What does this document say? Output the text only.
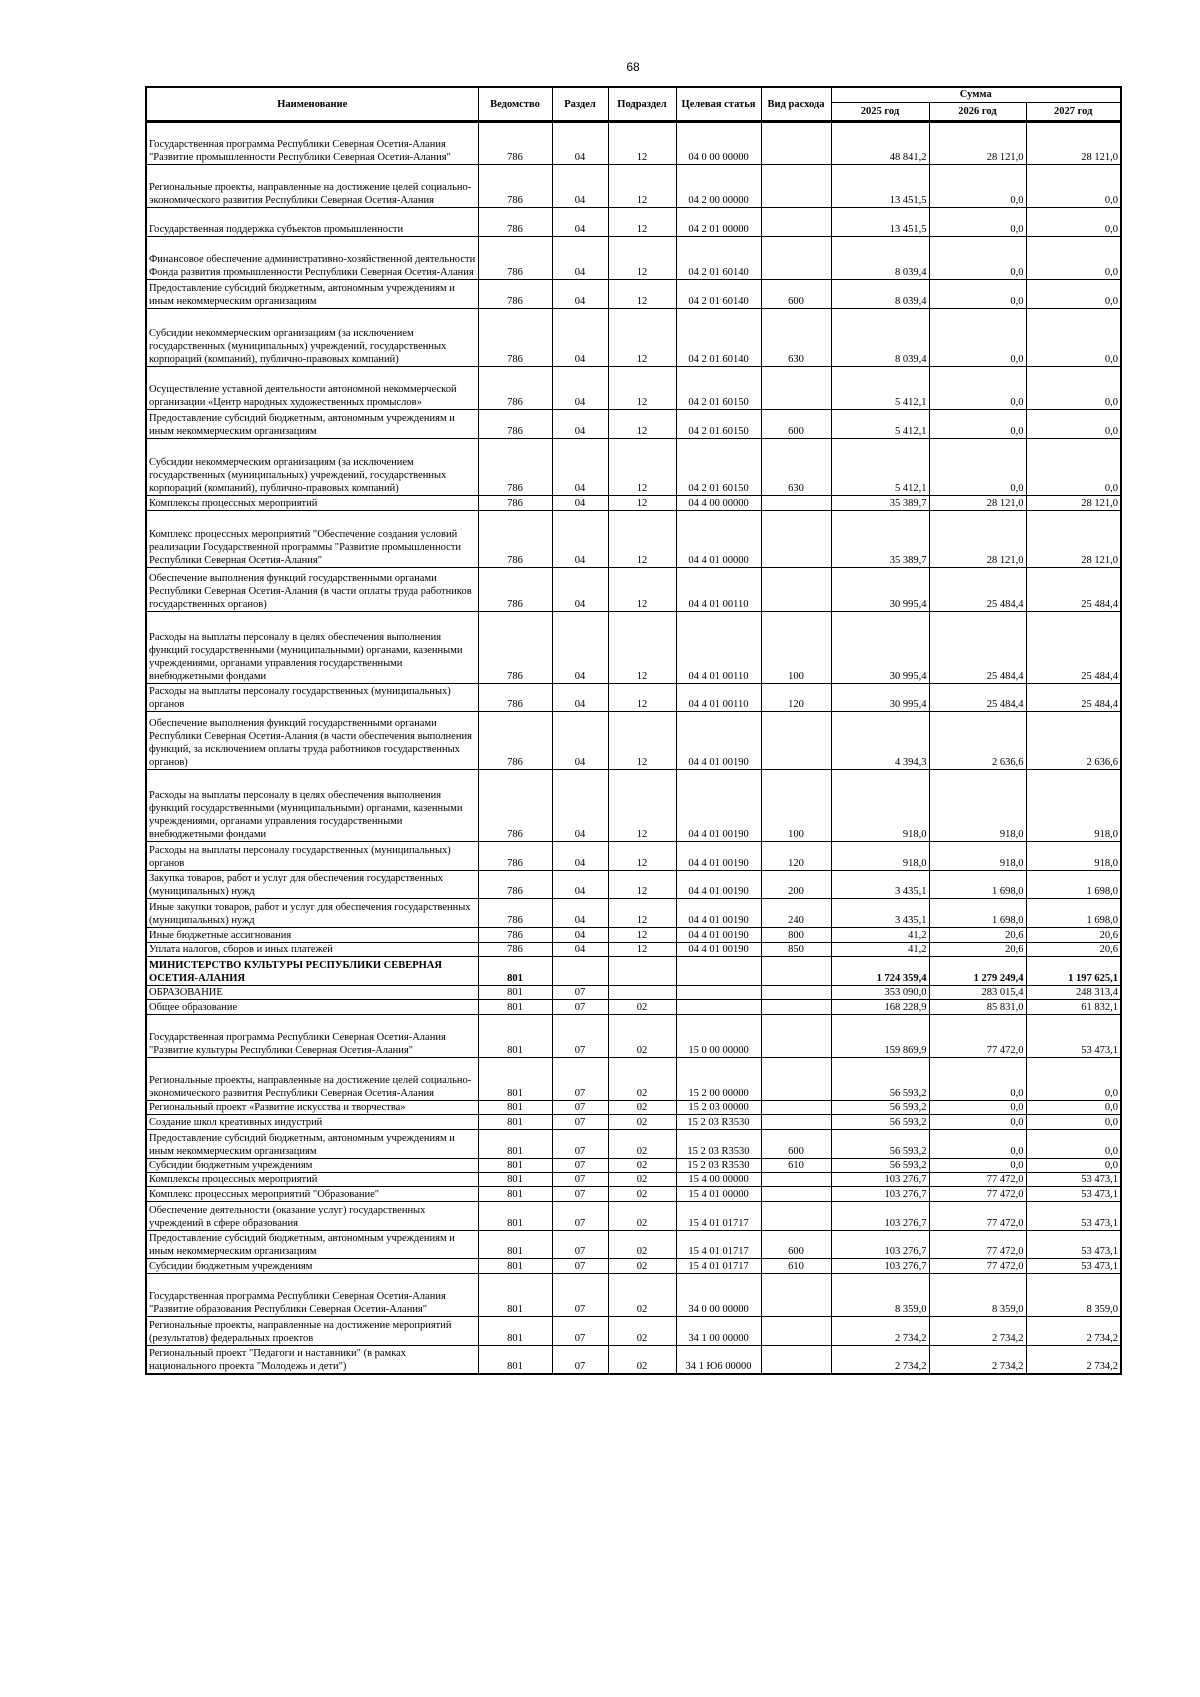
68
Наименование	Ведомство	Раздел	Подраздел	Целевая статья	Вид расхода	Сумма		
						2025 год	2026 год	2027 год
Государственная программа Республики Северная Осетия-Алания "Развитие промышленности Республики Северная Осетия-Алания"	786	04	12	04 0 00 00000		48 841,2	28 121,0	28 121,0
Региональные проекты, направленные на достижение целей социально-экономического развития Республики Северная Осетия-Алания	786	04	12	04 2 00 00000		13 451,5	0,0	0,0
Государственная поддержка субъектов промышленности	786	04	12	04 2 01 00000		13 451,5	0,0	0,0
Финансовое обеспечение административно-хозяйственной деятельности Фонда развития промышленности Республики Северная Осетия-Алания	786	04	12	04 2 01 60140		8 039,4	0,0	0,0
Предоставление субсидий бюджетным, автономным учреждениям и иным некоммерческим организациям	786	04	12	04 2 01 60140	600	8 039,4	0,0	0,0
Субсидии некоммерческим организациям (за исключением государственных (муниципальных) учреждений, государственных корпораций (компаний), публично-правовых компаний)	786	04	12	04 2 01 60140	630	8 039,4	0,0	0,0
Осуществление уставной деятельности автономной некоммерческой организации «Центр народных художественных промыслов»	786	04	12	04 2 01 60150		5 412,1	0,0	0,0
Предоставление субсидий бюджетным, автономным учреждениям и иным некоммерческим организациям	786	04	12	04 2 01 60150	600	5 412,1	0,0	0,0
Субсидии некоммерческим организациям (за исключением государственных (муниципальных) учреждений, государственных корпораций (компаний), публично-правовых компаний)	786	04	12	04 2 01 60150	630	5 412,1	0,0	0,0
Комплексы процессных мероприятий	786	04	12	04 4 00 00000		35 389,7	28 121,0	28 121,0
Комплекс процессных мероприятий "Обеспечение создания условий реализации Государственной программы "Развитие промышленности Республики Северная Осетия-Алания"	786	04	12	04 4 01 00000		35 389,7	28 121,0	28 121,0
Обеспечение выполнения функций государственными органами Республики Северная Осетия-Алания (в части оплаты труда работников государственных органов)	786	04	12	04 4 01 00110		30 995,4	25 484,4	25 484,4
Расходы на выплаты персоналу в целях обеспечения выполнения функций государственными (муниципальными) органами, казенными учреждениями, органами управления государственными внебюджетными фондами	786	04	12	04 4 01 00110	100	30 995,4	25 484,4	25 484,4
Расходы на выплаты персоналу государственных (муниципальных) органов	786	04	12	04 4 01 00110	120	30 995,4	25 484,4	25 484,4
Обеспечение выполнения функций государственными органами Республики Северная Осетия-Алания (в части обеспечения выполнения функций, за исключением оплаты труда работников государственных органов)	786	04	12	04 4 01 00190		4 394,3	2 636,6	2 636,6
Расходы на выплаты персоналу в целях обеспечения выполнения функций государственными (муниципальными) органами, казенными учреждениями, органами управления государственными внебюджетными фондами	786	04	12	04 4 01 00190	100	918,0	918,0	918,0
Расходы на выплаты персоналу государственных (муниципальных) органов	786	04	12	04 4 01 00190	120	918,0	918,0	918,0
Закупка товаров, работ и услуг для обеспечения государственных (муниципальных) нужд	786	04	12	04 4 01 00190	200	3 435,1	1 698,0	1 698,0
Иные закупки товаров, работ и услуг для обеспечения государственных (муниципальных) нужд	786	04	12	04 4 01 00190	240	3 435,1	1 698,0	1 698,0
Иные бюджетные ассигнования	786	04	12	04 4 01 00190	800	41,2	20,6	20,6
Уплата налогов, сборов и иных платежей	786	04	12	04 4 01 00190	850	41,2	20,6	20,6
МИНИСТЕРСТВО КУЛЬТУРЫ РЕСПУБЛИКИ СЕВЕРНАЯ ОСЕТИЯ-АЛАНИЯ	801					1 724 359,4	1 279 249,4	1 197 625,1
ОБРАЗОВАНИЕ	801	07				353 090,0	283 015,4	248 313,4
Общее образование	801	07	02			168 228,9	85 831,0	61 832,1
Государственная программа Республики Северная Осетия-Алания "Развитие культуры Республики Северная Осетия-Алания"	801	07	02	15 0 00 00000		159 869,9	77 472,0	53 473,1
Региональные проекты, направленные на достижение целей социально-экономического развития Республики Северная Осетия-Алания	801	07	02	15 2 00 00000		56 593,2	0,0	0,0
Региональный проект «Развитие искусства и творчества»	801	07	02	15 2 03 00000		56 593,2	0,0	0,0
Создание школ креативных индустрий	801	07	02	15 2 03 R3530		56 593,2	0,0	0,0
Предоставление субсидий бюджетным, автономным учреждениям и иным некоммерческим организациям	801	07	02	15 2 03 R3530	600	56 593,2	0,0	0,0
Субсидии бюджетным учреждениям	801	07	02	15 2 03 R3530	610	56 593,2	0,0	0,0
Комплексы процессных мероприятий	801	07	02	15 4 00 00000		103 276,7	77 472,0	53 473,1
Комплекс процессных мероприятий "Образование"	801	07	02	15 4 01 00000		103 276,7	77 472,0	53 473,1
Обеспечение деятельности (оказание услуг) государственных учреждений в сфере образования	801	07	02	15 4 01 01717		103 276,7	77 472,0	53 473,1
Предоставление субсидий бюджетным, автономным учреждениям и иным некоммерческим организациям	801	07	02	15 4 01 01717	600	103 276,7	77 472,0	53 473,1
Субсидии бюджетным учреждениям	801	07	02	15 4 01 01717	610	103 276,7	77 472,0	53 473,1
Государственная программа Республики Северная Осетия-Алания "Развитие образования Республики Северная Осетия-Алания"	801	07	02	34 0 00 00000		8 359,0	8 359,0	8 359,0
Региональные проекты, направленные на достижение мероприятий (результатов) федеральных проектов	801	07	02	34 1 00 00000		2 734,2	2 734,2	2 734,2
Региональный проект "Педагоги и наставники" (в рамках национального проекта "Молодежь и дети")	801	07	02	34 1 Ю6 00000		2 734,2	2 734,2	2 734,2
